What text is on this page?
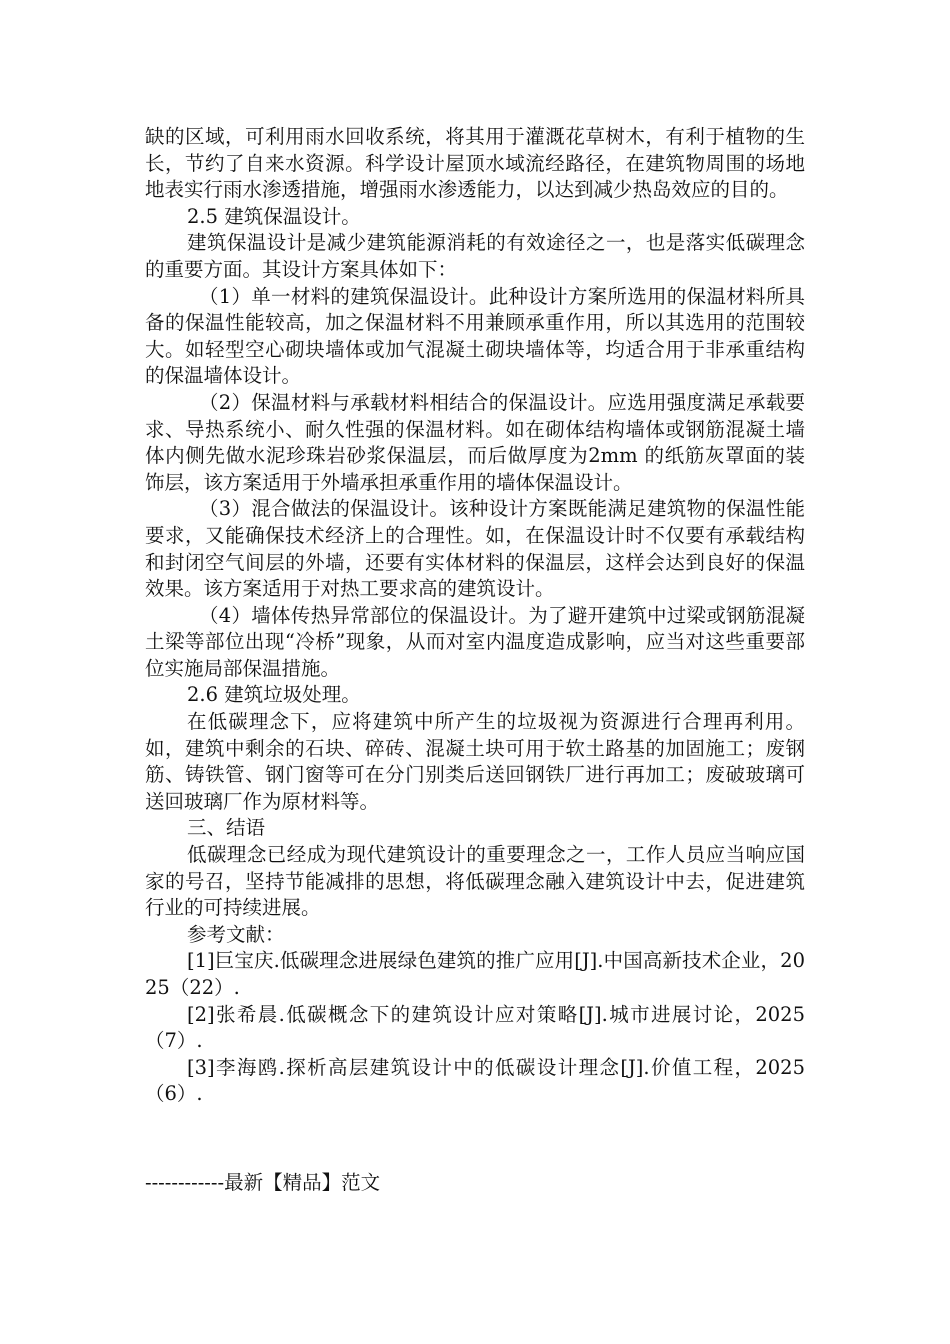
缺的区域，可利用雨水回收系统，将其用于灌溉花草树木，有利于植物的生长，节约了自来水资源。科学设计屋顶水域流经路径，在建筑物周围的场地地表实行雨水渗透措施，增强雨水渗透能力，以达到减少热岛效应的目的。

2.5 建筑保温设计。

建筑保温设计是减少建筑能源消耗的有效途径之一，也是落实低碳理念的重要方面。其设计方案具体如下：

（1）单一材料的建筑保温设计。此种设计方案所选用的保温材料所具备的保温性能较高，加之保温材料不用兼顾承重作用，所以其选用的范围较大。如轻型空心砌块墙体或加气混凝土砌块墙体等，均适合用于非承重结构的保温墙体设计。

（2）保温材料与承载材料相结合的保温设计。应选用强度满足承载要求、导热系统小、耐久性强的保温材料。如在砌体结构墙体或钢筋混凝土墙体内侧先做水泥珍珠岩砂浆保温层，而后做厚度为2mm 的纸筋灰罩面的装饰层，该方案适用于外墙承担承重作用的墙体保温设计。

（3）混合做法的保温设计。该种设计方案既能满足建筑物的保温性能要求，又能确保技术经济上的合理性。如，在保温设计时不仅要有承载结构和封闭空气间层的外墙，还要有实体材料的保温层，这样会达到良好的保温效果。该方案适用于对热工要求高的建筑设计。

（4）墙体传热异常部位的保温设计。为了避开建筑中过梁或钢筋混凝土梁等部位出现“冷桥”现象，从而对室内温度造成影响，应当对这些重要部位实施局部保温措施。

2.6 建筑垃圾处理。

在低碳理念下，应将建筑中所产生的垃圾视为资源进行合理再利用。如，建筑中剩余的石块、碎砖、混凝土块可用于软土路基的加固施工；废钢筋、铸铁管、钢门窗等可在分门别类后送回钢铁厂进行再加工；废破玻璃可送回玻璃厂作为原材料等。

三、结语

低碳理念已经成为现代建筑设计的重要理念之一，工作人员应当响应国家的号召，坚持节能减排的思想，将低碳理念融入建筑设计中去，促进建筑行业的可持续进展。

参考文献：

[1]巨宝庆.低碳理念进展绿色建筑的推广应用[J].中国高新技术企业，2025（22）.

[2]张希晨.低碳概念下的建筑设计应对策略[J].城市进展讨论，2025（7）.

[3]李海鸥.探析高层建筑设计中的低碳设计理念[J].价值工程，2025（6）.

------------最新【精品】范文
